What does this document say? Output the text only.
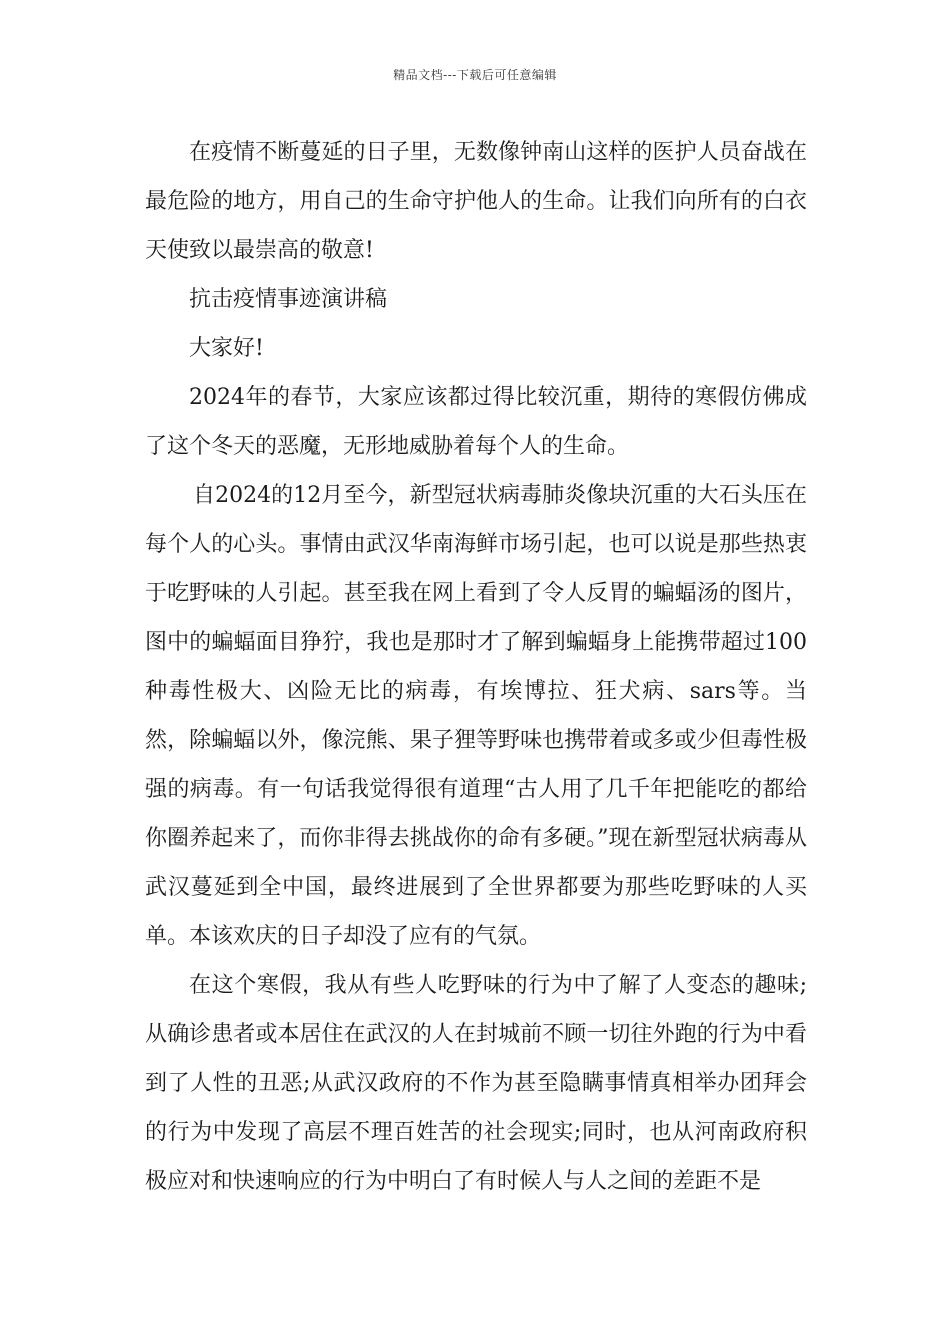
精品文档---下载后可任意编辑

在疫情不断蔓延的日子里，无数像钟南山这样的医护人员奋战在最危险的地方，用自己的生命守护他人的生命。让我们向所有的白衣天使致以最崇高的敬意!

抗击疫情事迹演讲稿

大家好!

2024年的春节，大家应该都过得比较沉重，期待的寒假仿佛成了这个冬天的恶魔，无形地威胁着每个人的生命。

自2024的12月至今，新型冠状病毒肺炎像块沉重的大石头压在每个人的心头。事情由武汉华南海鲜市场引起，也可以说是那些热衷于吃野味的人引起。甚至我在网上看到了令人反胃的蝙蝠汤的图片，图中的蝙蝠面目狰狞，我也是那时才了解到蝙蝠身上能携带超过100种毒性极大、凶险无比的病毒，有埃博拉、狂犬病、sars等。当然，除蝙蝠以外，像浣熊、果子狸等野味也携带着或多或少但毒性极强的病毒。有一句话我觉得很有道理“古人用了几千年把能吃的都给你圈养起来了，而你非得去挑战你的命有多硬。”现在新型冠状病毒从武汉蔓延到全中国，最终进展到了全世界都要为那些吃野味的人买单。本该欢庆的日子却没了应有的气氛。

在这个寒假，我从有些人吃野味的行为中了解了人变态的趣味;从确诊患者或本居住在武汉的人在封城前不顾一切往外跑的行为中看到了人性的丑恶;从武汉政府的不作为甚至隐瞒事情真相举办团拜会的行为中发现了高层不理百姓苦的社会现实;同时，也从河南政府积极应对和快速响应的行为中明白了有时候人与人之间的差距不是
